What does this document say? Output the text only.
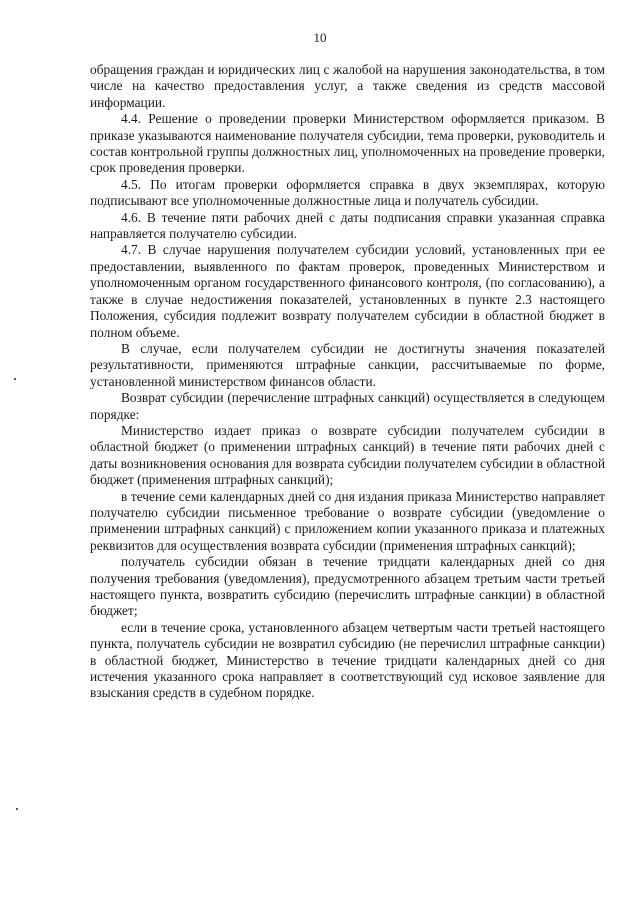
10

обращения граждан и юридических лиц с жалобой на нарушения законодательства, в том числе на качество предоставления услуг, а также сведения из средств массовой информации.

4.4. Решение о проведении проверки Министерством оформляется приказом. В приказе указываются наименование получателя субсидии, тема проверки, руководитель и состав контрольной группы должностных лиц, уполномоченных на проведение проверки, срок проведения проверки.

4.5. По итогам проверки оформляется справка в двух экземплярах, которую подписывают все уполномоченные должностные лица и получатель субсидии.

4.6. В течение пяти рабочих дней с даты подписания справки указанная справка направляется получателю субсидии.

4.7. В случае нарушения получателем субсидии условий, установленных при ее предоставлении, выявленного по фактам проверок, проведенных Министерством и уполномоченным органом государственного финансового контроля, (по согласованию), а также в случае недостижения показателей, установленных в пункте 2.3 настоящего Положения, субсидия подлежит возврату получателем субсидии в областной бюджет в полном объеме.

В случае, если получателем субсидии не достигнуты значения показателей результативности, применяются штрафные санкции, рассчитываемые по форме, установленной министерством финансов области.

Возврат субсидии (перечисление штрафных санкций) осуществляется в следующем порядке:

Министерство издает приказ о возврате субсидии получателем субсидии в областной бюджет (о применении штрафных санкций) в течение пяти рабочих дней с даты возникновения основания для возврата субсидии получателем субсидии в областной бюджет (применения штрафных санкций);

в течение семи календарных дней со дня издания приказа Министерство направляет получателю субсидии письменное требование о возврате субсидии (уведомление о применении штрафных санкций) с приложением копии указанного приказа и платежных реквизитов для осуществления возврата субсидии (применения штрафных санкций);

получатель субсидии обязан в течение тридцати календарных дней со дня получения требования (уведомления), предусмотренного абзацем третьим части третьей настоящего пункта, возвратить субсидию (перечислить штрафные санкции) в областной бюджет;

если в течение срока, установленного абзацем четвертым части третьей настоящего пункта, получатель субсидии не возвратил субсидию (не перечислил штрафные санкции) в областной бюджет, Министерство в течение тридцати календарных дней со дня истечения указанного срока направляет в соответствующий суд исковое заявление для взыскания средств в судебном порядке.
